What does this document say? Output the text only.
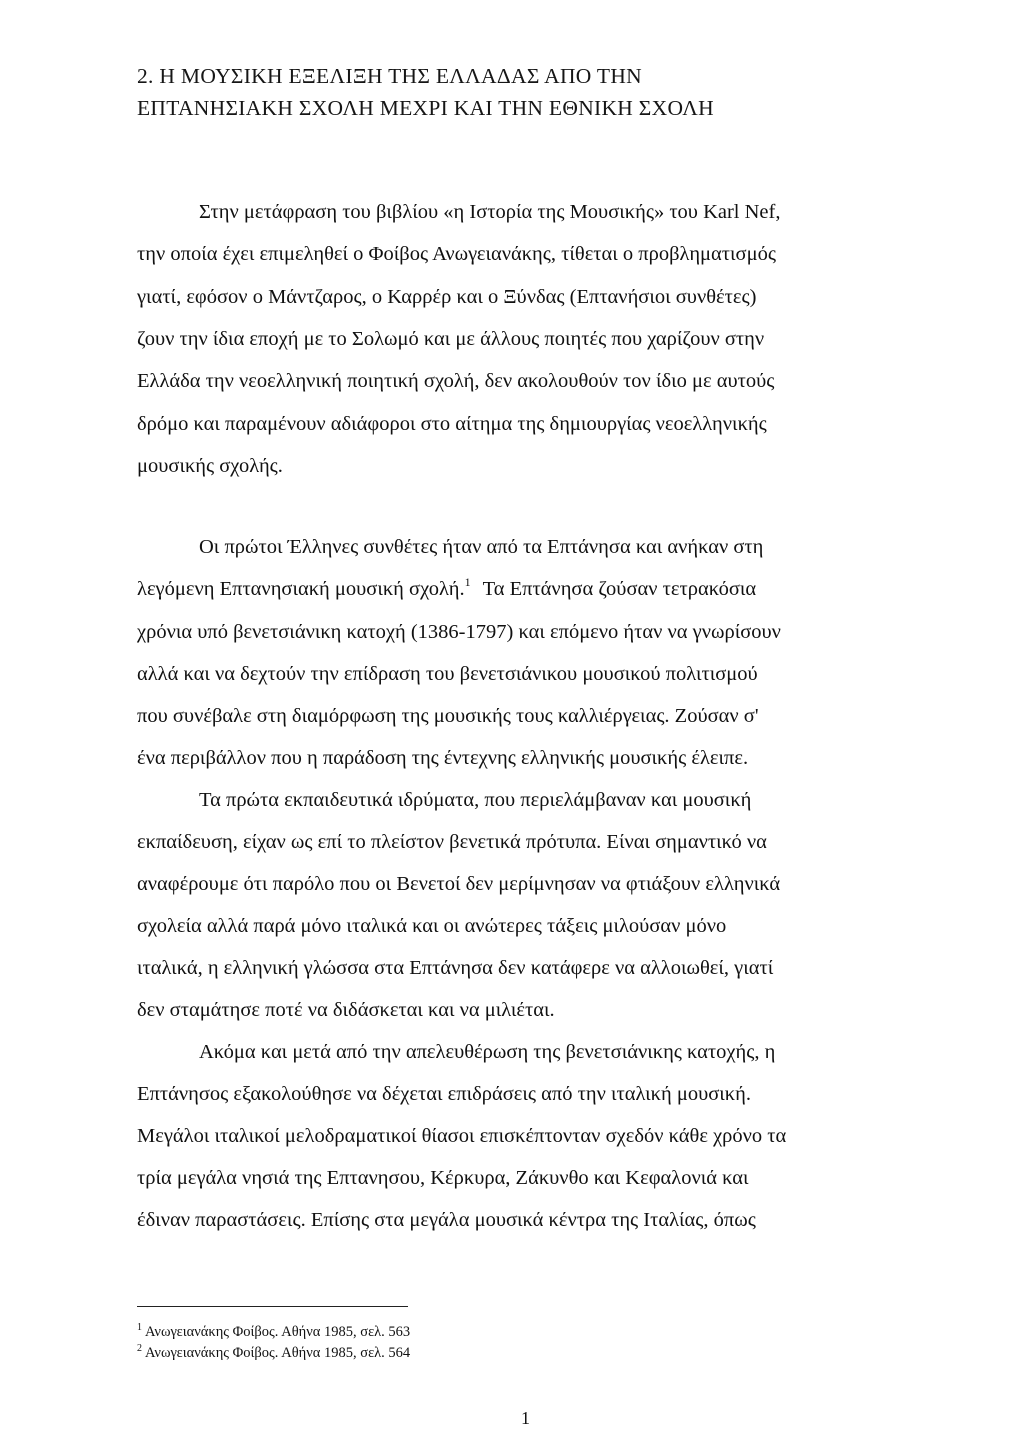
2. Η ΜΟΥΣΙΚΗ ΕΞΕΛΙΞΗ ΤΗΣ ΕΛΛΑΔΑΣ ΑΠΟ ΤΗΝ
ΕΠΤΑΝΗΣΙΑΚΗ ΣΧΟΛΗ ΜΕΧΡΙ ΚΑΙ ΤΗΝ ΕΘΝΙΚΗ ΣΧΟΛΗ
Στην μετάφραση του βιβλίου «η Ιστορία της Μουσικής» του Karl Nef,
την οποία έχει επιμεληθεί ο Φοίβος Ανωγειανάκης, τίθεται ο προβληματισμός
γιατί, εφόσον ο Μάντζαρος, ο Καρρέρ και ο Ξύνδας (Επτανήσιοι συνθέτες)
ζουν την ίδια εποχή με το Σολωμό και με άλλους ποιητές που χαρίζουν στην
Ελλάδα την νεοελληνική ποιητική σχολή, δεν ακολουθούν τον ίδιο με αυτούς
δρόμο και παραμένουν αδιάφοροι στο αίτημα της δημιουργίας νεοελληνικής
μουσικής σχολής.
Οι πρώτοι Έλληνες συνθέτες ήταν από τα Επτάνησα και ανήκαν στη
λεγόμενη Επτανησιακή μουσική σχολή.$^1$ Τα Επτάνησα ζούσαν τετρακόσια
χρόνια υπό βενετσιάνικη κατοχή (1386-1797) και επόμενο ήταν να γνωρίσουν
αλλά και να δεχτούν την επίδραση του βενετσιάνικου μουσικού πολιτισμού
που συνέβαλε στη διαμόρφωση της μουσικής τους καλλιέργειας. Ζούσαν σ'
ένα περιβάλλον που η παράδοση της έντεχνης ελληνικής μουσικής έλειπε.
Τα πρώτα εκπαιδευτικά ιδρύματα, που περιελάμβαναν και μουσική
εκπαίδευση, είχαν ως επί το πλείστον βενετικά πρότυπα. Είναι σημαντικό να
αναφέρουμε ότι παρόλο που οι Βενετοί δεν μερίμνησαν να φτιάξουν ελληνικά
σχολεία αλλά παρά μόνο ιταλικά και οι ανώτερες τάξεις μιλούσαν μόνο
ιταλικά, η ελληνική γλώσσα στα Επτάνησα δεν κατάφερε να αλλοιωθεί, γιατί
δεν σταμάτησε ποτέ να διδάσκεται και να μιλιέται.
Ακόμα και μετά από την απελευθέρωση της βενετσιάνικης κατοχής, η
Επτάνησος εξακολούθησε να δέχεται επιδράσεις από την ιταλική μουσική.
Μεγάλοι ιταλικοί μελοδραματικοί θίασοι επισκέπτονταν σχεδόν κάθε χρόνο τα
τρία μεγάλα νησιά της Επτανησου, Κέρκυρα, Ζάκυνθο και Κεφαλονιά και
έδιναν παραστάσεις. Επίσης στα μεγάλα μουσικά κέντρα της Ιταλίας, όπως
$^1$ Ανωγειανάκης Φοίβος. Αθήνα 1985, σελ. 563
$^2$ Ανωγειανάκης Φοίβος. Αθήνα 1985, σελ. 564
1
